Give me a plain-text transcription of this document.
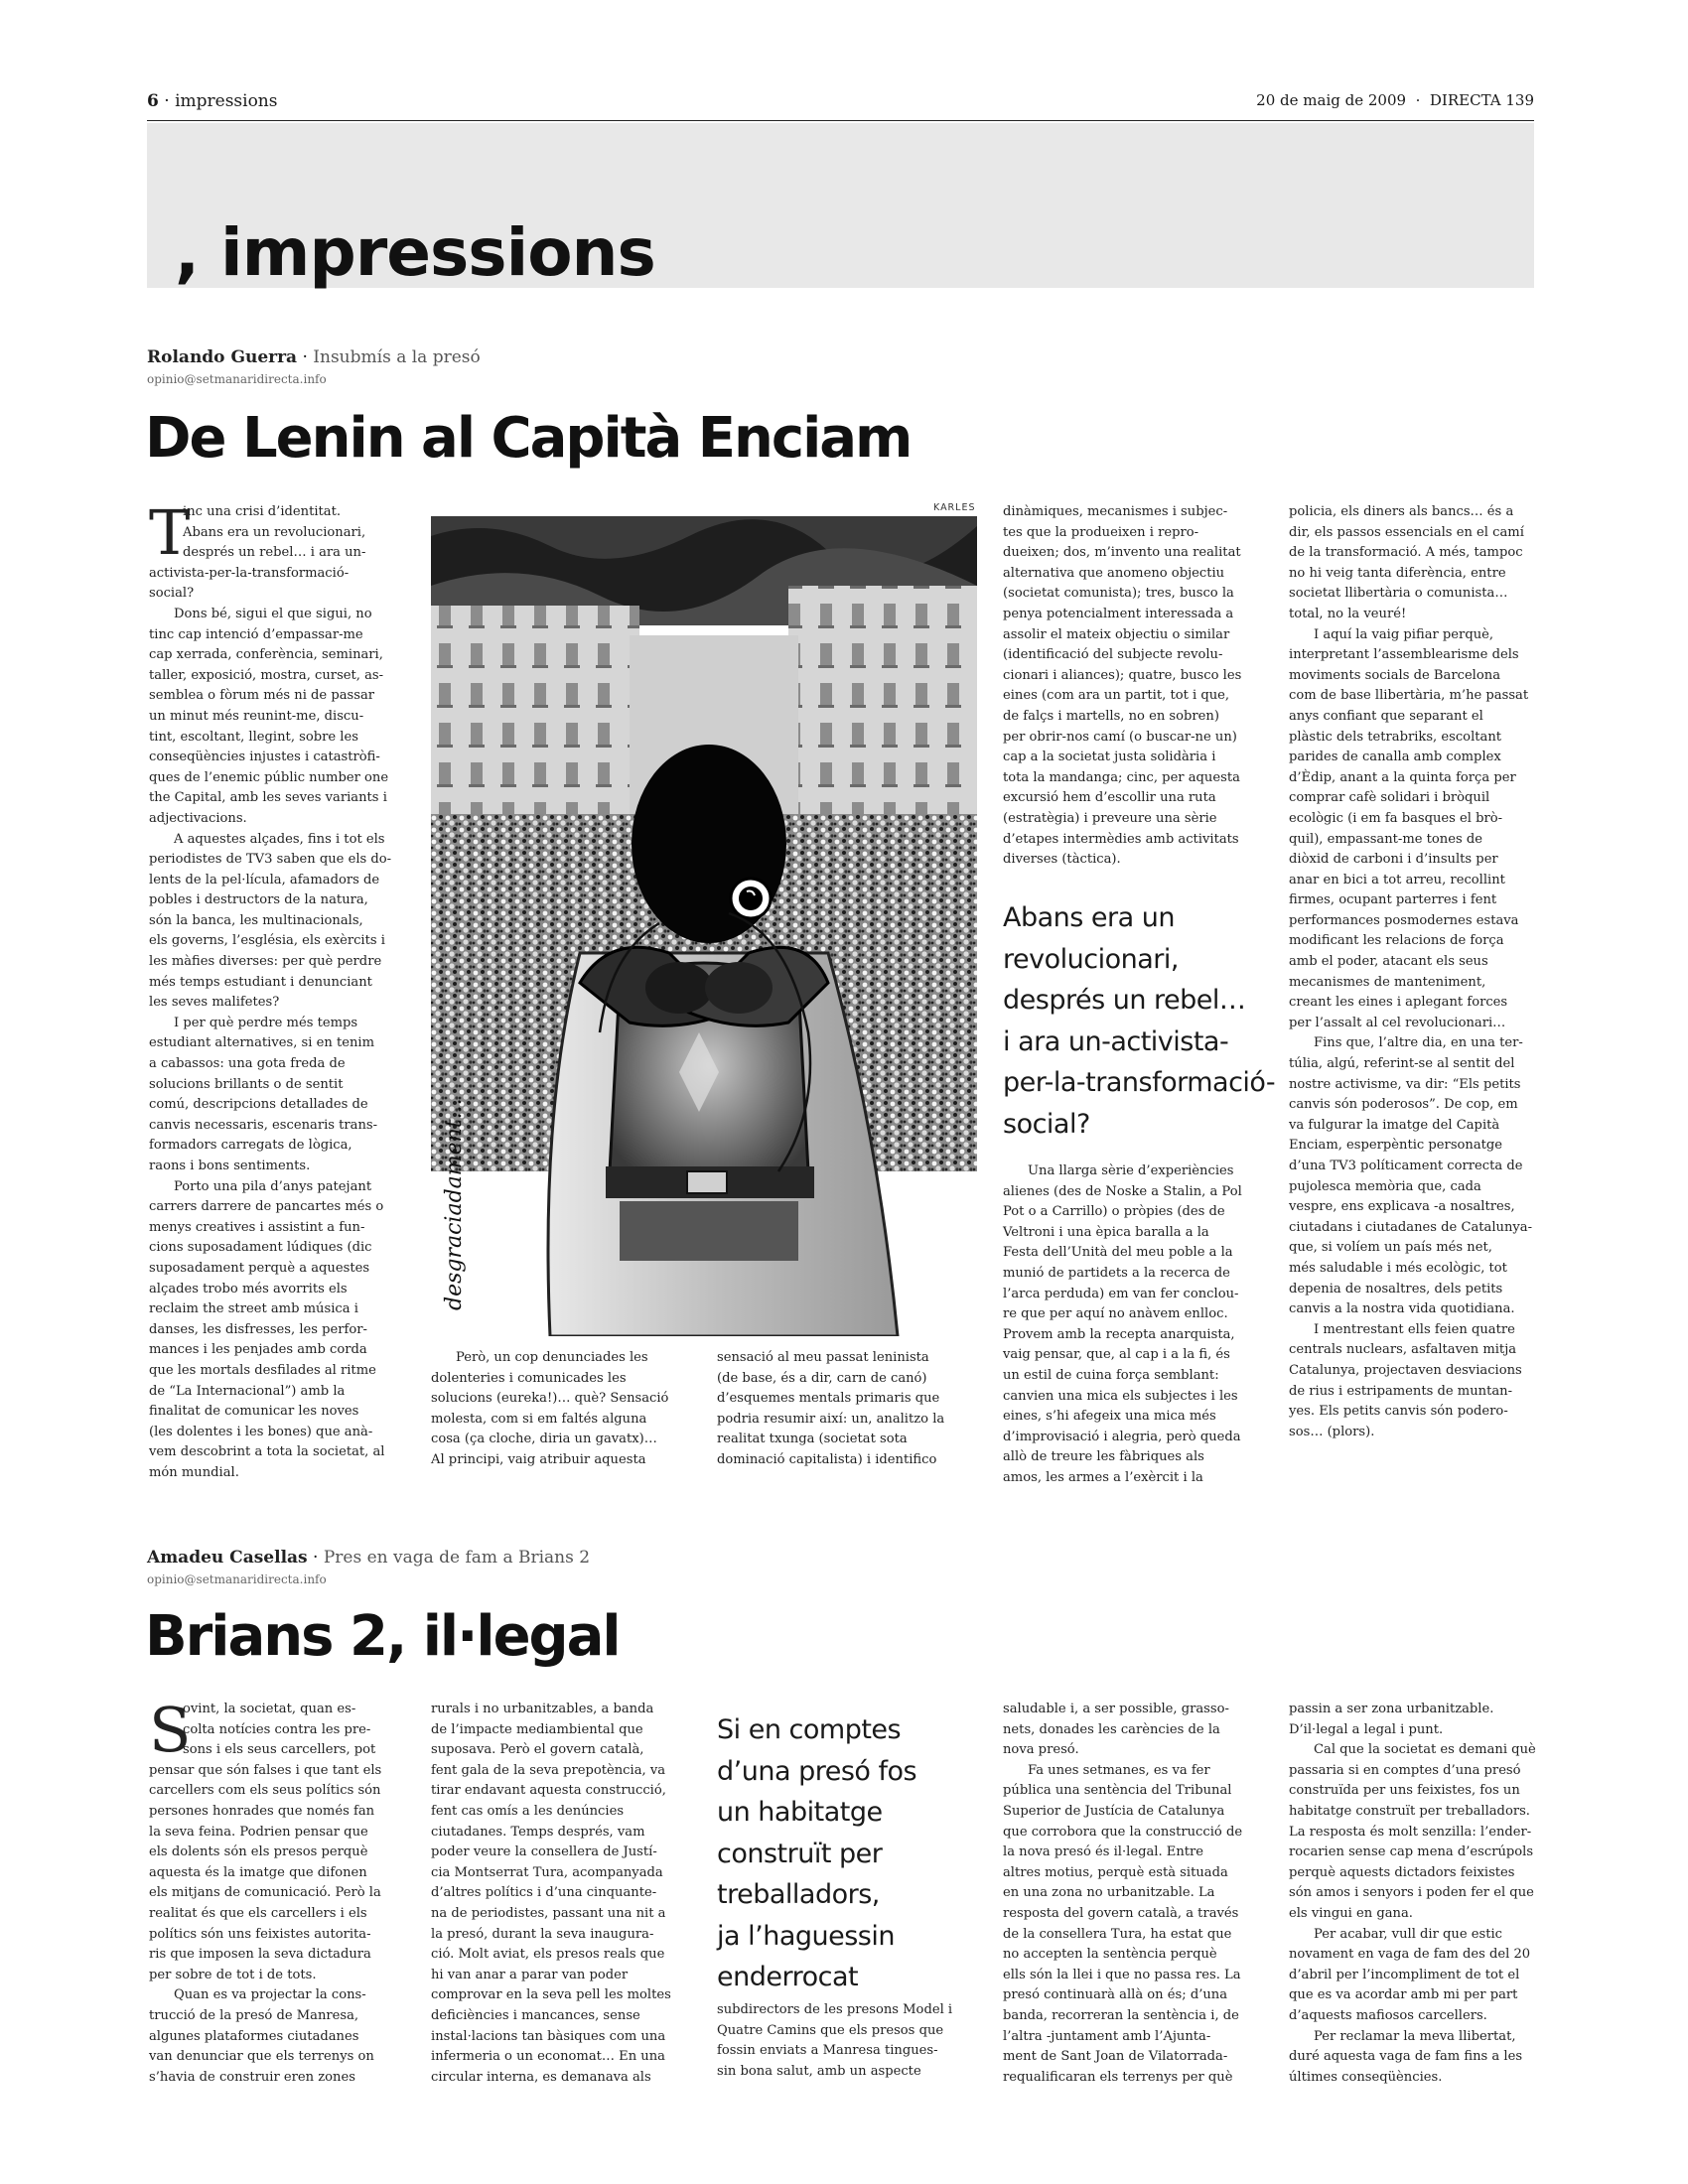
6 · impressions	20 de maig de 2009 · DIRECTA 139
, impressions
Rolando Guerra · Insubmís a la presó
opinio@setmanaridirecta.info
De Lenin al Capità Enciam
inc una crisi d’identitat.
Abans era un revolucionari,
després un rebel… i ara un-
activista-per-la-transformació-
social?
Dons bé, sigui el que sigui, no
tinc cap intenció d’empassar-me
cap xerrada, conferència, seminari,
taller, exposició, mostra, curset, as-
semblea o fòrum més ni de passar
un minut més reunint-me, discu-
tint, escoltant, llegint, sobre les
conseqüències injustes i catastròfi-
ques de l’enemic públic number one
the Capital, amb les seves variants i
adjectivacions.
A aquestes alçades, fins i tot els
periodistes de TV3 saben que els do-
lents de la pel·lícula, afamadors de
pobles i destructors de la natura,
són la banca, les multinacionals,
els governs, l’església, els exèrcits i
les màfies diverses: per què perdre
més temps estudiant i denunciant
les seves malifetes?
I per què perdre més temps
estudiant alternatives, si en tenim
a cabassos: una gota freda de
solucions brillants o de sentit
comú, descripcions detallades de
canvis necessaris, escenaris trans-
formadors carregats de lògica,
raons i bons sentiments.
Porto una pila d’anys patejant
carrers darrere de pancartes més o
menys creatives i assistint a fun-
cions suposadament lúdiques (dic
suposadament perquè a aquestes
alçades trobo més avorrits els
reclaim the street amb música i
danses, les disfresses, les perfor-
mances i les penjades amb corda
que les mortals desfilades al ritme
de “La Internacional”) amb la
finalitat de comunicar les noves
(les dolentes i les bones) que anà-
vem descobrint a tota la societat, al
món mundial.
T	KARLES
desgraciadament...
Però, un cop denunciades les
dolenteries i comunicades les
solucions (eureka!)… què? Sensació
molesta, com si em faltés alguna
cosa (ça cloche, diria un gavatx)…
Al principi, vaig atribuir aquesta
sensació al meu passat leninista
(de base, és a dir, carn de canó)
d’esquemes mentals primaris que
podria resumir així: un, analitzo la
realitat txunga (societat sota
dominació capitalista) i identifico
dinàmiques, mecanismes i subjec-
tes que la produeixen i repro-
dueixen; dos, m’invento una realitat
alternativa que anomeno objectiu
(societat comunista); tres, busco la
penya potencialment interessada a
assolir el mateix objectiu o similar
(identificació del subjecte revolu-
cionari i aliances); quatre, busco les
eines (com ara un partit, tot i que,
de falçs i martells, no en sobren)
per obrir-nos camí (o buscar-ne un)
cap a la societat justa solidària i
tota la mandanga; cinc, per aquesta
excursió hem d’escollir una ruta
(estratègia) i preveure una sèrie
d’etapes intermèdies amb activitats
diverses (tàctica).
Abans era un
revolucionari,
després un rebel…
i ara un-activista-
per-la-transformació-
social?
Una llarga sèrie d’experiències
alienes (des de Noske a Stalin, a Pol
Pot o a Carrillo) o pròpies (des de
Veltroni i una èpica baralla a la
Festa dell’Unità del meu poble a la
munió de partidets a la recerca de
l’arca perduda) em van fer conclou-
re que per aquí no anàvem enlloc.
Provem amb la recepta anarquista,
vaig pensar, que, al cap i a la fi, és
un estil de cuina força semblant:
canvien una mica els subjectes i les
eines, s’hi afegeix una mica més
d’improvisació i alegria, però queda
allò de treure les fàbriques als
amos, les armes a l’exèrcit i la
policia, els diners als bancs… és a
dir, els passos essencials en el camí
de la transformació. A més, tampoc
no hi veig tanta diferència, entre
societat llibertària o comunista…
total, no la veuré!
I aquí la vaig pifiar perquè,
interpretant l’assemblearisme dels
moviments socials de Barcelona
com de base llibertària, m’he passat
anys confiant que separant el
plàstic dels tetrabriks, escoltant
parides de canalla amb complex
d’Èdip, anant a la quinta força per
comprar cafè solidari i bròquil
ecològic (i em fa basques el brò-
quil), empassant-me tones de
diòxid de carboni i d’insults per
anar en bici a tot arreu, recollint
firmes, ocupant parterres i fent
performances posmodernes estava
modificant les relacions de força
amb el poder, atacant els seus
mecanismes de manteniment,
creant les eines i aplegant forces
per l’assalt al cel revolucionari…
Fins que, l’altre dia, en una ter-
túlia, algú, referint-se al sentit del
nostre activisme, va dir: “Els petits
canvis són poderosos”. De cop, em
va fulgurar la imatge del Capità
Enciam, esperpèntic personatge
d’una TV3 políticament correcta de
pujolesca memòria que, cada
vespre, ens explicava -a nosaltres,
ciutadans i ciutadanes de Catalunya-
que, si volíem un país més net,
més saludable i més ecològic, tot
depenia de nosaltres, dels petits
canvis a la nostra vida quotidiana.
I mentrestant ells feien quatre
centrals nuclears, asfaltaven mitja
Catalunya, projectaven desviacions
de rius i estripaments de muntan-
yes. Els petits canvis són podero-
sos… (plors).
Amadeu Casellas · Pres en vaga de fam a Brians 2
opinio@setmanaridirecta.info
Brians 2, il·legal
ovint, la societat, quan es-
colta notícies contra les pre-
sons i els seus carcellers, pot
pensar que són falses i que tant els
carcellers com els seus polítics són
persones honrades que només fan
la seva feina. Podrien pensar que
els dolents són els presos perquè
aquesta és la imatge que difonen
els mitjans de comunicació. Però la
realitat és que els carcellers i els
polítics són uns feixistes autorita-
ris que imposen la seva dictadura
per sobre de tot i de tots.
Quan es va projectar la cons-
trucció de la presó de Manresa,
algunes plataformes ciutadanes
van denunciar que els terrenys on
s’havia de construir eren zones
S	rurals i no urbanitzables, a banda
de l’impacte mediambiental que
suposava. Però el govern català,
fent gala de la seva prepotència, va
tirar endavant aquesta construcció,
fent cas omís a les denúncies
ciutadanes. Temps després, vam
poder veure la consellera de Justí-
cia Montserrat Tura, acompanyada
d’altres polítics i d’una cinquante-
na de periodistes, passant una nit a
la presó, durant la seva inaugura-
ció. Molt aviat, els presos reals que
hi van anar a parar van poder
comprovar en la seva pell les moltes
deficiències i mancances, sense
instal·lacions tan bàsiques com una
infermeria o un economat… En una
circular interna, es demanava als
Si en comptes
d’una presó fos
un habitatge
construït per
treballadors,
ja l’haguessin
enderrocat
subdirectors de les presons Model i
Quatre Camins que els presos que
fossin enviats a Manresa tingues-
sin bona salut, amb un aspecte
saludable i, a ser possible, grasso-
nets, donades les carències de la
nova presó.
Fa unes setmanes, es va fer
pública una sentència del Tribunal
Superior de Justícia de Catalunya
que corrobora que la construcció de
la nova presó és il·legal. Entre
altres motius, perquè està situada
en una zona no urbanitzable. La
resposta del govern català, a través
de la consellera Tura, ha estat que
no accepten la sentència perquè
ells són la llei i que no passa res. La
presó continuarà allà on és; d’una
banda, recorreran la sentència i, de
l’altra -juntament amb l’Ajunta-
ment de Sant Joan de Vilatorrada-
requalificaran els terrenys per què
passin a ser zona urbanitzable.
D’il·legal a legal i punt.
Cal que la societat es demani què
passaria si en comptes d’una presó
construïda per uns feixistes, fos un
habitatge construït per treballadors.
La resposta és molt senzilla: l’ender-
rocarien sense cap mena d’escrúpols
perquè aquests dictadors feixistes
són amos i senyors i poden fer el que
els vingui en gana.
Per acabar, vull dir que estic
novament en vaga de fam des del 20
d’abril per l’incompliment de tot el
que es va acordar amb mi per part
d’aquests mafiosos carcellers.
Per reclamar la meva llibertat,
duré aquesta vaga de fam fins a les
últimes conseqüències.
